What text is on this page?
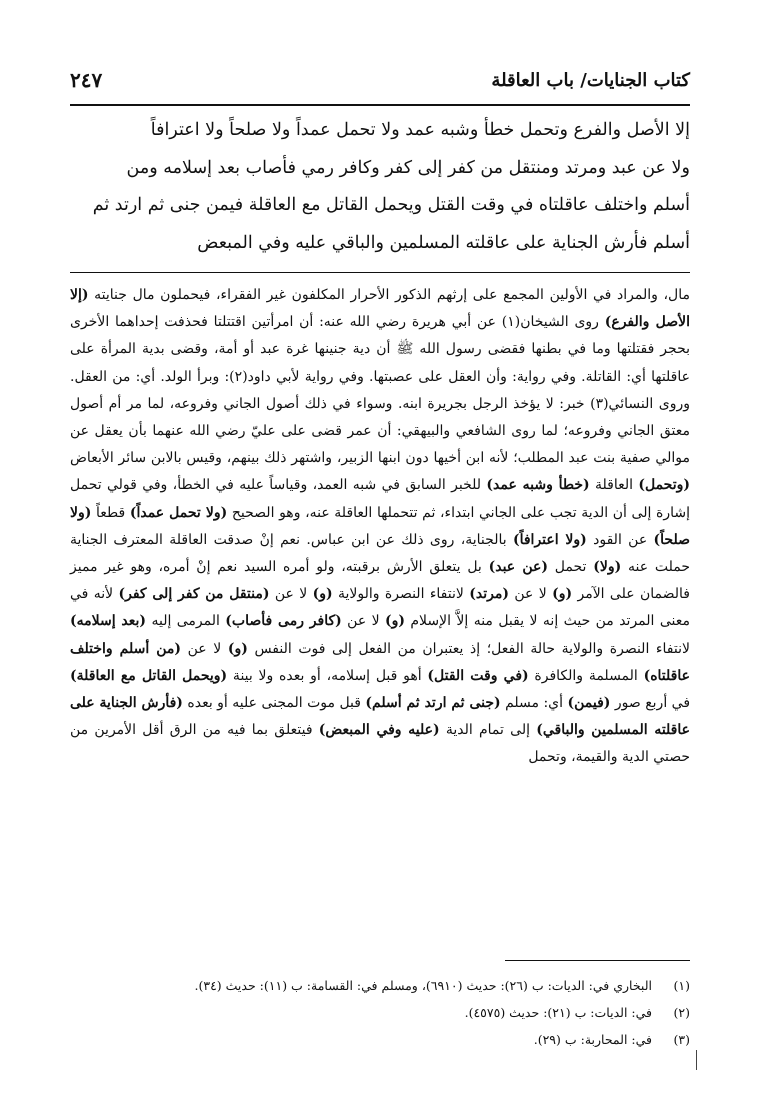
كتاب الجنايات/ باب العاقلة
٢٤٧

إلا الأصل والفرع وتحمل خطأ وشبه عمد ولا تحمل عمداً ولا صلحاً ولا اعترافاً

ولا عن عبد ومرتد ومنتقل من كفر إلى كفر وكافر رمي فأصاب بعد إسلامه ومن

أسلم واختلف عاقلتاه في وقت القتل ويحمل القاتل مع العاقلة فيمن جنى ثم ارتد ثم

أسلم فأرش الجناية على عاقلته المسلمين والباقي عليه وفي المبعض

مال، والمراد في الأولين المجمع على إرثهم الذكور الأحرار المكلفون غير الفقراء، فيحملون مال جنايته (إلا الأصل والفرع) روى الشيخان(١) عن أبي هريرة رضي الله عنه: أن امرأتين اقتتلتا فحذفت إحداهما الأخرى بحجر فقتلتها وما في بطنها فقضى رسول الله ﷺ أن دية جنينها غرة عبد أو أمة، وقضى بدية المرأة على عاقلتها أي: القاتلة. وفي رواية: وأن العقل على عصبتها. وفي رواية لأبي داود(٢): وبرأ الولد. أي: من العقل. وروى النسائي(٣) خبر: لا يؤخذ الرجل بجريرة ابنه. وسواء في ذلك أصول الجاني وفروعه، لما مر أم أصول معتق الجاني وفروعه؛ لما روى الشافعي والبيهقي: أن عمر قضى على عليّ رضي الله عنهما بأن يعقل عن موالي صفية بنت عبد المطلب؛ لأنه ابن أخيها دون ابنها الزبير، واشتهر ذلك بينهم، وقيس بالابن سائر الأبعاض (وتحمل) العاقلة (خطأ وشبه عمد) للخبر السابق في شبه العمد، وقياساً عليه في الخطأ، وفي قولي تحمل إشارة إلى أن الدية تجب على الجاني ابتداء، ثم تتحملها العاقلة عنه، وهو الصحيح (ولا تحمل عمداً) قطعاً (ولا صلحاً) عن القود (ولا اعترافاً) بالجناية، روى ذلك عن ابن عباس. نعم إنْ صدقت العاقلة المعترف الجناية حملت عنه (ولا) تحمل (عن عبد) بل يتعلق الأرش برقبته، ولو أمره السيد نعم إنْ أمره، وهو غير مميز فالضمان على الآمر (و) لا عن (مرتد) لانتفاء النصرة والولاية (و) لا عن (منتقل من كفر إلى كفر) لأنه في معنى المرتد من حيث إنه لا يقبل منه إلاَّ الإسلام (و) لا عن (كافر رمى فأصاب) المرمى إليه (بعد إسلامه) لانتفاء النصرة والولاية حالة الفعل؛ إذ يعتبران من الفعل إلى فوت النفس (و) لا عن (من أسلم واختلف عاقلتاه) المسلمة والكافرة (في وقت القتل) أهو قبل إسلامه، أو بعده ولا بينة (ويحمل القاتل مع العاقلة) في أربع صور (فيمن) أي: مسلم (جنى ثم ارتد ثم أسلم) قبل موت المجنى عليه أو بعده (فأرش الجناية على عاقلته المسلمين والباقي) إلى تمام الدية (عليه وفي المبعض) فيتعلق بما فيه من الرق أقل الأمرين من حصتي الدية والقيمة، وتحمل

(١)
البخاري في: الديات: ب (٢٦): حديث (٦٩١٠)، ومسلم في: القسامة: ب (١١): حديث (٣٤).
(٢)
في: الديات: ب (٢١): حديث (٤٥٧٥).
(٣)
في: المحاربة: ب (٢٩).
